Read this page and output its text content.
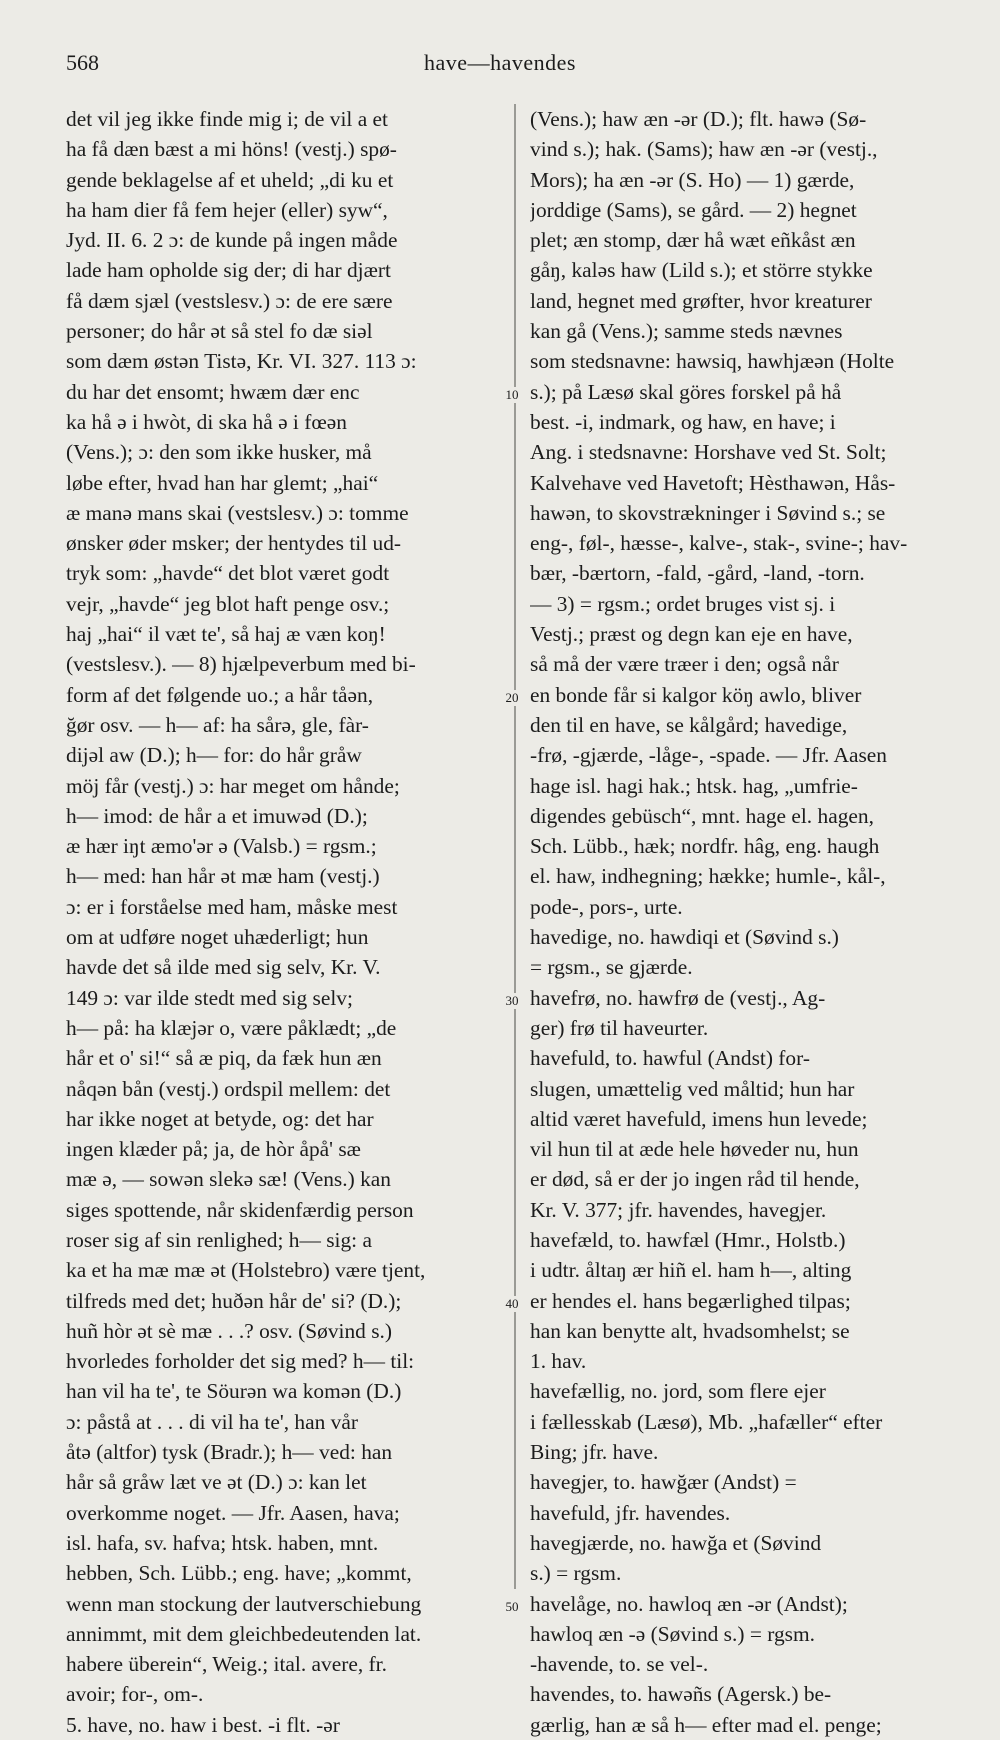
568	have—havendes
det vil jeg ikke finde mig i; de vil a et
ha få dæn bæst a mi höns! (vestj.) spø-
gende beklagelse af et uheld; „di ku et
ha ham dier få fem hejer (eller) syw“,
Jyd. II. 6. 2 ɔ: de kunde på ingen måde
lade ham opholde sig der; di har djært
få dæm sjæl (vestslesv.) ɔ: de ere sære
personer; do hår ət så stel fo dæ siəl
som dæm østən Tistə, Kr. VI. 327. 113 ɔ:
du har det ensomt; hwæm dær enc
ka hå ə i hwòt, di ska hå ə i fœən
(Vens.); ɔ: den som ikke husker, må
løbe efter, hvad han har glemt; „hai“
æ manə mans skai (vestslesv.) ɔ: tomme
ønsker øder msker; der hentydes til ud-
tryk som: „havde“ det blot været godt
vejr, „havde“ jeg blot haft penge osv.;
haj „hai“ il væt te', så haj æ væn koŋ!
(vestslesv.). — 8) hjælpeverbum med bi-
form af det følgende uo.; a hår tåən,
ğør osv. — h— af: ha sårə, gle, fàr-
dijəl aw (D.); h— for: do hår gråw
möj får (vestj.) ɔ: har meget om hånde;
h— imod: de hår a et imuwəd (D.);
æ hær iŋt æmo'ər ə (Valsb.) = rgsm.;
h— med: han hår ət mæ ham (vestj.)
ɔ: er i forståelse med ham, måske mest
om at udføre noget uhæderligt; hun
havde det så ilde med sig selv, Kr. V.
149 ɔ: var ilde stedt med sig selv;
h— på: ha klæjər o, være påklædt; „de
hår et o' si!“ så æ piq, da fæk hun æn
nåqən bån (vestj.) ordspil mellem: det
har ikke noget at betyde, og: det har
ingen klæder på; ja, de hòr åpå' sæ
mæ ə, — sowən slekə sæ! (Vens.) kan
siges spottende, når skidenfærdig person
roser sig af sin renlighed; h— sig: a
ka et ha mæ mæ ət (Holstebro) være tjent,
tilfreds med det; huðən hår de' si? (D.);
huñ hòr ət sè mæ . . .? osv. (Søvind s.)
hvorledes forholder det sig med? h— til:
han vil ha te', te Söurən wa komən (D.)
ɔ: påstå at . . . di vil ha te', han vår
åtə (altfor) tysk (Bradr.); h— ved: han
hår så gråw læt ve ət (D.) ɔ: kan let
overkomme noget. — Jfr. Aasen, hava;
isl. hafa, sv. hafva; htsk. haben, mnt.
hebben, Sch. Lübb.; eng. have; „kommt,
wenn man stockung der lautverschiebung
annimmt, mit dem gleichbedeutenden lat.
habere überein“, Weig.; ital. avere, fr.
avoir; for-, om-.
5. have, no. haw i best. -i flt. -ər
(Vens.); haw æn -ər (D.); flt. hawə (Sø-
vind s.); hak. (Sams); haw æn -ər (vestj.,
Mors); ha æn -ər (S. Ho) — 1) gærde,
jorddige (Sams), se gård. — 2) hegnet
plet; æn stomp, dær hå wæt eñkåst æn
gåŋ, kaləs haw (Lild s.); et större stykke
land, hegnet med grøfter, hvor kreaturer
kan gå (Vens.); samme steds nævnes
som stedsnavne: hawsiq, hawhjæən (Holte
s.); på Læsø skal göres forskel på hå
best. -i, indmark, og haw, en have; i
Ang. i stedsnavne: Horshave ved St. Solt;
Kalvehave ved Havetoft; Hèsthawən, Hås-
hawən, to skovstrækninger i Søvind s.; se
eng-, føl-, hæsse-, kalve-, stak-, svine-; hav-
bær, -bærtorn, -fald, -gård, -land, -torn.
— 3) = rgsm.; ordet bruges vist sj. i
Vestj.; præst og degn kan eje en have,
så må der være træer i den; også når
en bonde får si kalgor köŋ awlo, bliver
den til en have, se kålgård; havedige,
-frø, -gjærde, -låge-, -spade. — Jfr. Aasen
hage isl. hagi hak.; htsk. hag, „umfrie-
digendes gebüsch“, mnt. hage el. hagen,
Sch. Lübb., hæk; nordfr. hâg, eng. haugh
el. haw, indhegning; hække; humle-, kål-,
pode-, pors-, urte.
havedige, no. hawdiqi et (Søvind s.)
= rgsm., se gjærde.
havefrø, no. hawfrø de (vestj., Ag-
ger) frø til haveurter.
havefuld, to. hawful (Andst) for-
slugen, umættelig ved måltid; hun har
altid været havefuld, imens hun levede;
vil hun til at æde hele høveder nu, hun
er død, så er der jo ingen råd til hende,
Kr. V. 377; jfr. havendes, havegjer.
havefæld, to. hawfæl (Hmr., Holstb.)
i udtr. åltaŋ ær hiñ el. ham h—, alting
er hendes el. hans begærlighed tilpas;
han kan benytte alt, hvadsomhelst; se
1. hav.
havefællig, no. jord, som flere ejer
i fællesskab (Læsø), Mb. „hafæller“ efter
Bing; jfr. have.
havegjer, to. hawğær (Andst) =
havefuld, jfr. havendes.
havegjærde, no. hawğa et (Søvind
s.) = rgsm.
havelåge, no. hawloq æn -ər (Andst);
hawloq æn -ə (Søvind s.) = rgsm.
-havende, to. se vel-.
havendes, to. hawəñs (Agersk.) be-
gærlig, han æ så h— efter mad el. penge;
10
20
30
40
50
